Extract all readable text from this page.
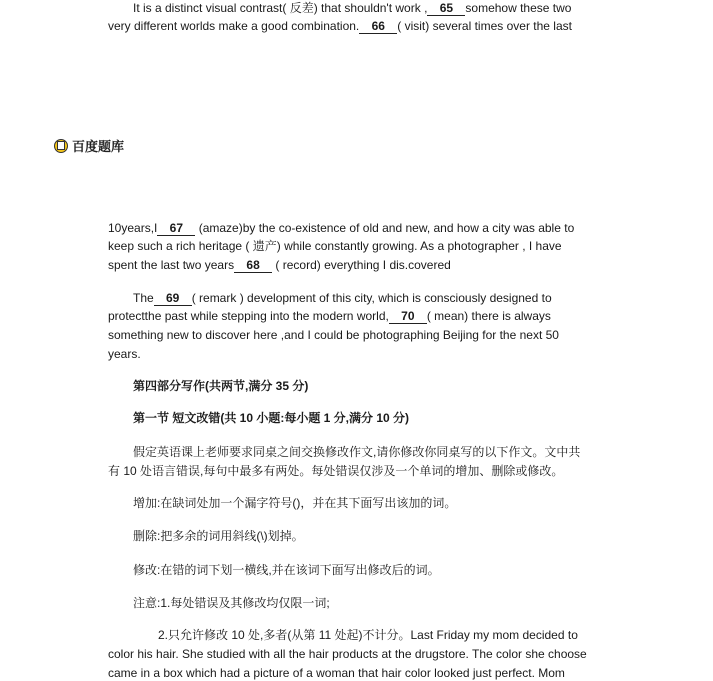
It is a distinct visual contrast( 反差) that shouldn't work , 65 somehow these two
very different worlds make a good combination. 66 ( visit) several times over the last
百度题库
10years,I 67 (amaze)by the co-existence of old and new, and how a city was able to
keep such a rich heritage ( 遗产) while constantly growing. As a photographer , I have
spent the last two years 68 ( record) everything I dis.covered
The 69 ( remark ) development of this city, which is consciously designed to
protectthe past while stepping into the modern world, 70 ( mean) there is always
something new to discover here ,and I could be photographing Beijing for the next 50
years.
第四部分写作(共两节,满分 35 分)
第一节 短文改错(共 10 小题:每小题 1 分,满分 10 分)
假定英语课上老师要求同桌之间交换修改作文,请你修改你同桌写的以下作文。文中共
有 10 处语言错误,每句中最多有两处。每处错误仅涉及一个单词的增加、删除或修改。
增加:在缺词处加一个漏字符号()，并在其下面写出该加的词。
删除:把多余的词用斜线(\)划掉。
修改:在错的词下划一横线,并在该词下面写出修改后的词。
注意:1.每处错误及其修改均仅限一词;
2.只允许修改 10 处,多者(从第 11 处起)不计分。Last Friday my mom decided to
color his hair. She studied with all the hair products at the drugstore. The color she choose
came in a box which had a picture of a woman that hair color looked just perfect. Mom
